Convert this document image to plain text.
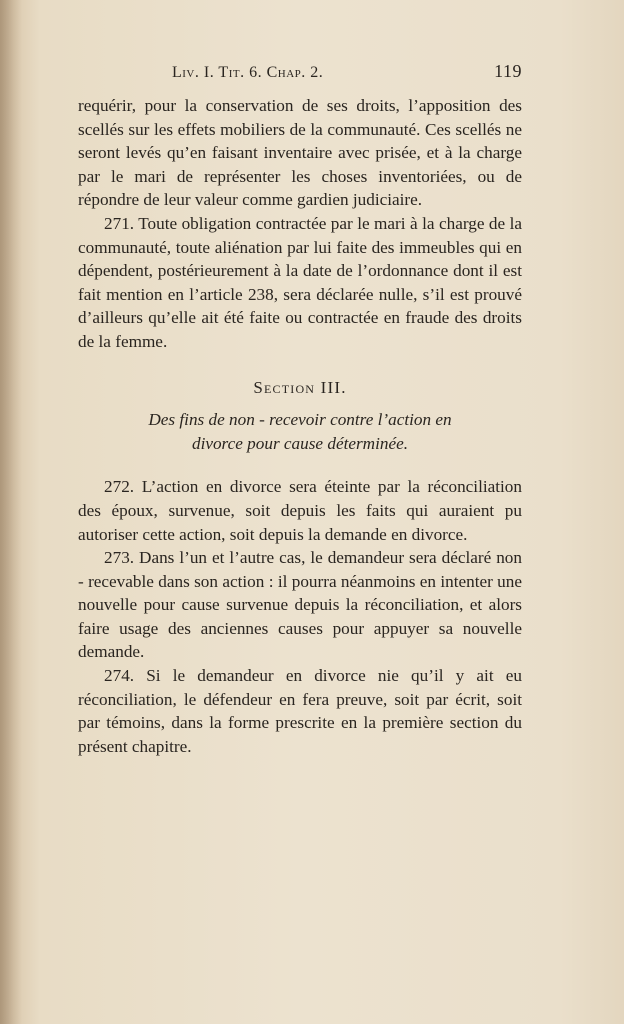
Liv. I. Tit. 6. Chap. 2.	119

requérir, pour la conservation de ses droits, l’apposition des scellés sur les effets mobiliers de la communauté. Ces scellés ne seront levés qu’en faisant inventaire avec prisée, et à la charge par le mari de représenter les choses inventoriées, ou de répondre de leur valeur comme gardien judiciaire.

271. Toute obligation contractée par le mari à la charge de la communauté, toute aliénation par lui faite des immeubles qui en dépendent, postérieurement à la date de l’ordonnance dont il est fait mention en l’article 238, sera déclarée nulle, s’il est prouvé d’ailleurs qu’elle ait été faite ou contractée en fraude des droits de la femme.

Section III.
Des fins de non - recevoir contre l’action en
divorce pour cause déterminée.

272. L’action en divorce sera éteinte par la réconciliation des époux, survenue, soit depuis les faits qui auraient pu autoriser cette action, soit depuis la demande en divorce.

273. Dans l’un et l’autre cas, le demandeur sera déclaré non - recevable dans son action : il pourra néanmoins en intenter une nouvelle pour cause survenue depuis la réconciliation, et alors faire usage des anciennes causes pour appuyer sa nouvelle demande.

274. Si le demandeur en divorce nie qu’il y ait eu réconciliation, le défendeur en fera preuve, soit par écrit, soit par témoins, dans la forme prescrite en la première section du présent chapitre.
